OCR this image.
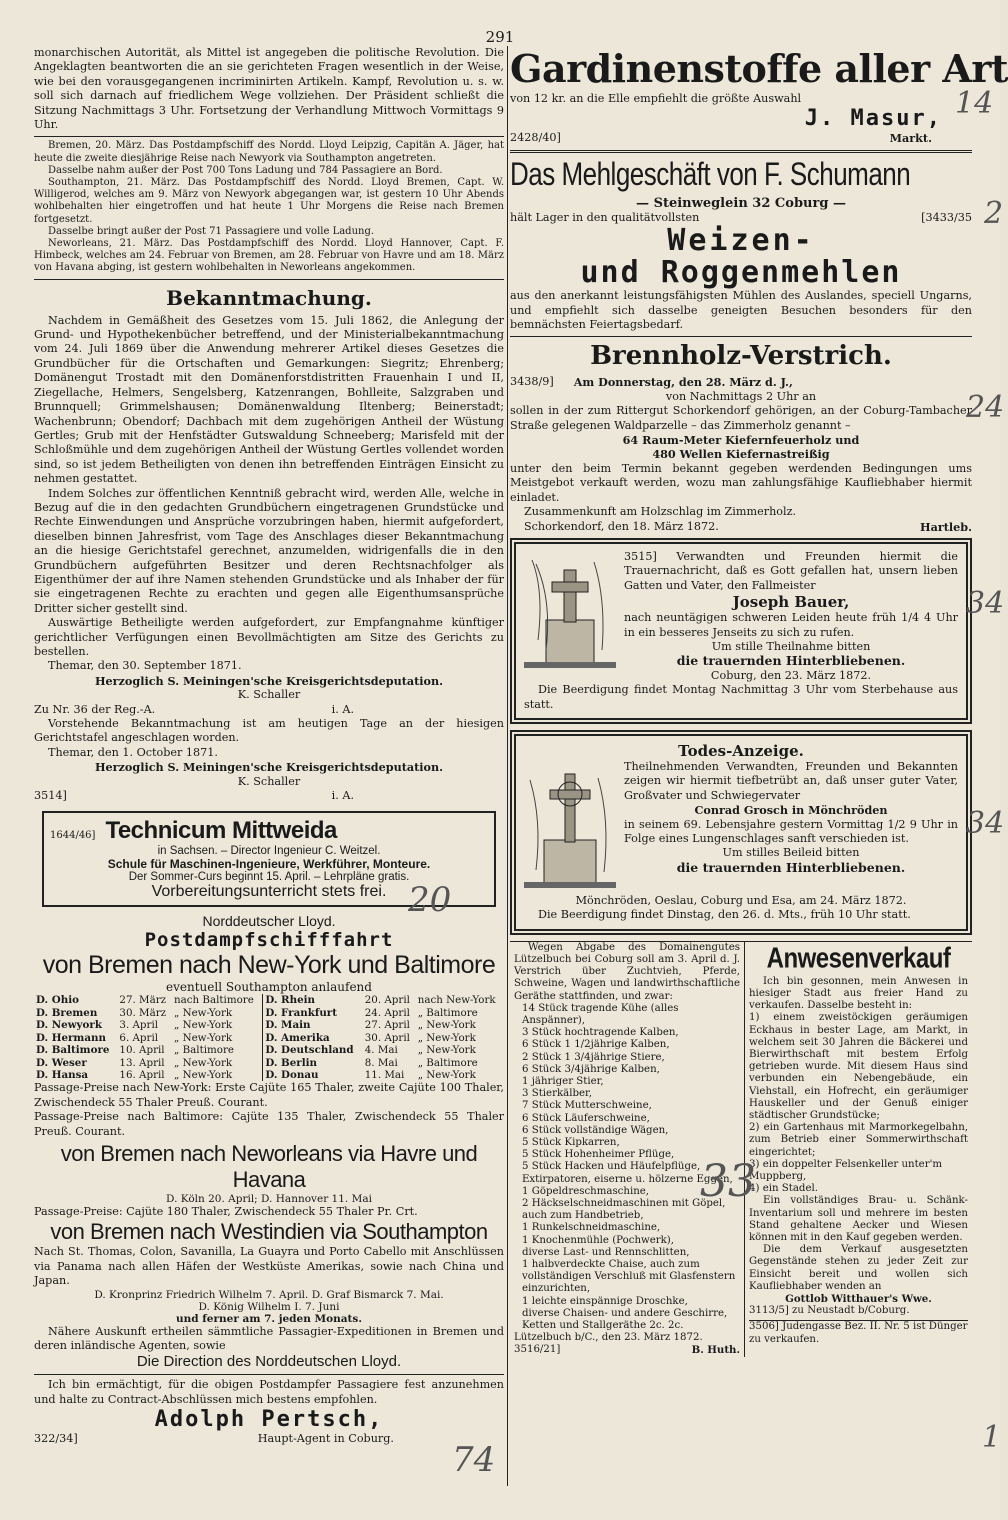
291

monarchischen Autorität, als Mittel ist angegeben die politische Revolution. Die Angeklagten beantworten die an sie gerichteten Fragen wesentlich in der Weise, wie bei den vorausgegangenen incriminirten Artikeln. Kampf, Revolution u. s. w. soll sich darnach auf friedlichem Wege vollziehen. Der Präsident schließt die Sitzung Nachmittags 3 Uhr. Fortsetzung der Verhandlung Mittwoch Vormittags 9 Uhr.

Bremen, 20. März. Das Postdampfschiff des Nordd. Lloyd Leipzig, Capitän A. Jäger, hat heute die zweite diesjährige Reise nach Newyork via Southampton angetreten.

Dasselbe nahm außer der Post 700 Tons Ladung und 784 Passagiere an Bord.

Southampton, 21. März. Das Postdampfschiff des Nordd. Lloyd Bremen, Capt. W. Willigerod, welches am 9. März von Newyork abgegangen war, ist gestern 10 Uhr Abends wohlbehalten hier eingetroffen und hat heute 1 Uhr Morgens die Reise nach Bremen fortgesetzt.

Dasselbe bringt außer der Post 71 Passagiere und volle Ladung.

Neworleans, 21. März. Das Postdampfschiff des Nordd. Lloyd Hannover, Capt. F. Himbeck, welches am 24. Februar von Bremen, am 28. Februar von Havre und am 18. März von Havana abging, ist gestern wohlbehalten in Neworleans angekommen.

Bekanntmachung.

Nachdem in Gemäßheit des Gesetzes vom 15. Juli 1862, die Anlegung der Grund- und Hypothekenbücher betreffend, und der Ministerialbekanntmachung vom 24. Juli 1869 über die Anwendung mehrerer Artikel dieses Gesetzes die Grundbücher für die Ortschaften und Gemarkungen: Siegritz; Ehrenberg; Domänengut Trostadt mit den Domänenforstdistritten Frauenhain I und II, Ziegellache, Helmers, Sengelsberg, Katzenrangen, Bohlleite, Salzgraben und Brunnquell; Grimmelshausen; Domänenwaldung Iltenberg; Beinerstadt; Wachenbrunn; Obendorf; Dachbach mit dem zugehörigen Antheil der Wüstung Gertles; Grub mit der Henfstädter Gutswaldung Schneeberg; Marisfeld mit der Schloßmühle und dem zugehörigen Antheil der Wüstung Gertles vollendet worden sind, so ist jedem Betheiligten von denen ihn betreffenden Einträgen Einsicht zu nehmen gestattet.

Indem Solches zur öffentlichen Kenntniß gebracht wird, werden Alle, welche in Bezug auf die in den gedachten Grundbüchern eingetragenen Grundstücke und Rechte Einwendungen und Ansprüche vorzubringen haben, hiermit aufgefordert, dieselben binnen Jahresfrist, vom Tage des Anschlages dieser Bekanntmachung an die hiesige Gerichtstafel gerechnet, anzumelden, widrigenfalls die in den Grundbüchern aufgeführten Besitzer und deren Rechtsnachfolger als Eigenthümer der auf ihre Namen stehenden Grundstücke und als Inhaber der für sie eingetragenen Rechte zu erachten und gegen alle Eigenthumsansprüche Dritter sicher gestellt sind.

Auswärtige Betheiligte werden aufgefordert, zur Empfangnahme künftiger gerichtlicher Verfügungen einen Bevollmächtigten am Sitze des Gerichts zu bestellen.

Themar, den 30. September 1871.

Herzoglich S. Meiningen'sche Kreisgerichtsdeputation.

K. Schaller

Zu Nr. 36 der Reg.-A.	i. A.

Vorstehende Bekanntmachung ist am heutigen Tage an der hiesigen Gerichtstafel angeschlagen worden.

Themar, den 1. October 1871.

Herzoglich S. Meiningen'sche Kreisgerichtsdeputation.

K. Schaller

3514]	i. A.
1644/46] Technicum Mittweida

in Sachsen. – Director Ingenieur C. Weitzel.

Schule für Maschinen-Ingenieure, Werkführer, Monteure.

Der Sommer-Curs beginnt 15. April. – Lehrpläne gratis.

Vorbereitungsunterricht stets frei.

Norddeutscher Lloyd.

Postdampfschifffahrt

von Bremen nach New-York und Baltimore

eventuell Southampton anlaufend

D. Ohio	27. März	nach Baltimore	D. Rhein	20. April	nach New-York
D. Bremen	30. März	„ New-York	D. Frankfurt	24. April	„ Baltimore
D. Newyork	3. April	„ New-York	D. Main	27. April	„ New-York
D. Hermann	6. April	„ New-York	D. Amerika	30. April	„ New-York
D. Baltimore	10. April	„ Baltimore	D. Deutschland	4. Mai	„ New-York
D. Weser	13. April	„ New-York	D. Berlin	8. Mai	„ Baltimore
D. Hansa	16. April	„ New-York	D. Donau	11. Mai	„ New-York

Passage-Preise nach New-York: Erste Cajüte 165 Thaler, zweite Cajüte 100 Thaler, Zwischendeck 55 Thaler Preuß. Courant.

Passage-Preise nach Baltimore: Cajüte 135 Thaler, Zwischendeck 55 Thaler Preuß. Courant.

von Bremen nach Neworleans via Havre und Havana

D. Köln 20. April; D. Hannover 11. Mai

Passage-Preise: Cajüte 180 Thaler, Zwischendeck 55 Thaler Pr. Crt.

von Bremen nach Westindien via Southampton

Nach St. Thomas, Colon, Savanilla, La Guayra und Porto Cabello mit Anschlüssen via Panama nach allen Häfen der Westküste Amerikas, sowie nach China und Japan.

D. Kronprinz Friedrich Wilhelm 7. April. D. Graf Bismarck 7. Mai.

D. König Wilhelm I. 7. Juni

und ferner am 7. jeden Monats.

Nähere Auskunft ertheilen sämmtliche Passagier-Expeditionen in Bremen und deren inländische Agenten, sowie

Die Direction des Norddeutschen Lloyd.

Ich bin ermächtigt, für die obigen Postdampfer Passagiere fest anzunehmen und halte zu Contract-Abschlüssen mich bestens empfohlen.

Adolph Pertsch,

322/34]	Haupt-Agent in Coburg.

Gardinenstoffe aller Art

von 12 kr. an die Elle empfiehlt die größte Auswahl

J. Masur,

2428/40]	Markt.

Das Mehlgeschäft von F. Schumann

— Steinweglein 32 Coburg —

hält Lager in den qualitätvollsten	[3433/35

Weizen-

und Roggenmehlen

aus den anerkannt leistungsfähigsten Mühlen des Auslandes, speciell Ungarns, und empfiehlt sich dasselbe geneigten Besuchen besonders für den bemnächsten Feiertagsbedarf.

Brennholz-Verstrich.

3438/9] Am Donnerstag, den 28. März d. J.,

von Nachmittags 2 Uhr an

sollen in der zum Rittergut Schorkendorf gehörigen, an der Coburg-Tambacher Straße gelegenen Waldparzelle – das Zimmerholz genannt –

64 Raum-Meter Kiefernfeuerholz und

480 Wellen Kiefernastreißig

unter den beim Termin bekannt gegeben werdenden Bedingungen ums Meistgebot verkauft werden, wozu man zahlungsfähige Kaufliebhaber hiermit einladet.

Zusammenkunft am Holzschlag im Zimmerholz.

Schorkendorf, den 18. März 1872.	Hartleb.

3515] Verwandten und Freunden hiermit die Trauernachricht, daß es Gott gefallen hat, unsern lieben Gatten und Vater, den Fallmeister

Joseph Bauer,

nach neuntägigen schweren Leiden heute früh 1/4 4 Uhr in ein besseres Jenseits zu sich zu rufen.

Um stille Theilnahme bitten

die trauernden Hinterbliebenen.

Coburg, den 23. März 1872.

Die Beerdigung findet Montag Nachmittag 3 Uhr vom Sterbehause aus statt.

Todes-Anzeige.

Theilnehmenden Verwandten, Freunden und Bekannten zeigen wir hiermit tiefbetrübt an, daß unser guter Vater, Großvater und Schwiegervater

Conrad Grosch in Mönchröden

in seinem 69. Lebensjahre gestern Vormittag 1/2 9 Uhr in Folge eines Lungenschlages sanft verschieden ist.

Um stilles Beileid bitten

die trauernden Hinterbliebenen.

Mönchröden, Oeslau, Coburg und Esa, am 24. März 1872.

Die Beerdigung findet Dinstag, den 26. d. Mts., früh 10 Uhr statt.

Wegen Abgabe des Domainengutes Lützelbuch bei Coburg soll am 3. April d. J. Verstrich über Zuchtvieh, Pferde, Schweine, Wagen und landwirthschaftliche Geräthe stattfinden, und zwar:

14 Stück tragende Kühe (alles Anspänner),

3 Stück hochtragende Kalben,

6 Stück 1 1/2jährige Kalben,

2 Stück 1 3/4jährige Stiere,

6 Stück 3/4jährige Kalben,

1 jähriger Stier,

3 Stierkälber,

7 Stück Mutterschweine,

6 Stück Läuferschweine,

6 Stück vollständige Wägen,

5 Stück Kipkarren,

5 Stück Hohenheimer Pflüge,

5 Stück Hacken und Häufelpflüge,

Extirpatoren, eiserne u. hölzerne Eggen,

1 Göpeldreschmaschine,

2 Häckselschneidmaschinen mit Göpel, auch zum Handbetrieb,

1 Runkelschneidmaschine,

1 Knochenmühle (Pochwerk),

diverse Last- und Rennschlitten,

1 halbverdeckte Chaise, auch zum vollständigen Verschluß mit Glasfenstern einzurichten,

1 leichte einspännige Droschke,

diverse Chaisen- und andere Geschirre, Ketten und Stallgeräthe 2c. 2c.

Lützelbuch b/C., den 23. März 1872.

3516/21]	B. Huth.

Anwesenverkauf

Ich bin gesonnen, mein Anwesen in hiesiger Stadt aus freier Hand zu verkaufen. Dasselbe besteht in:

1) einem zweistöckigen geräumigen Eckhaus in bester Lage, am Markt, in welchem seit 30 Jahren die Bäckerei und Bierwirthschaft mit bestem Erfolg getrieben wurde. Mit diesem Haus sind verbunden ein Nebengebäude, ein Viehstall, ein Hofrecht, ein geräumiger Hauskeller und der Genuß einiger städtischer Grundstücke;

2) ein Gartenhaus mit Marmorkegelbahn, zum Betrieb einer Sommerwirthschaft eingerichtet;

3) ein doppelter Felsenkeller unter'm Muppberg,

4) ein Stadel.

Ein vollständiges Brau- u. Schänk-Inventarium soll und mehrere im besten Stand gehaltene Aecker und Wiesen können mit in den Kauf gegeben werden.

Die dem Verkauf ausgesetzten Gegenstände stehen zu jeder Zeit zur Einsicht bereit und wollen sich Kaufliebhaber wenden an

Gottlob Witthauer's Wwe.

3113/5] zu Neustadt b/Coburg.

3506] Judengasse Bez. II. Nr. 5 ist Dünger zu verkaufen.

14
2
24
34
34
33
20
74
1
